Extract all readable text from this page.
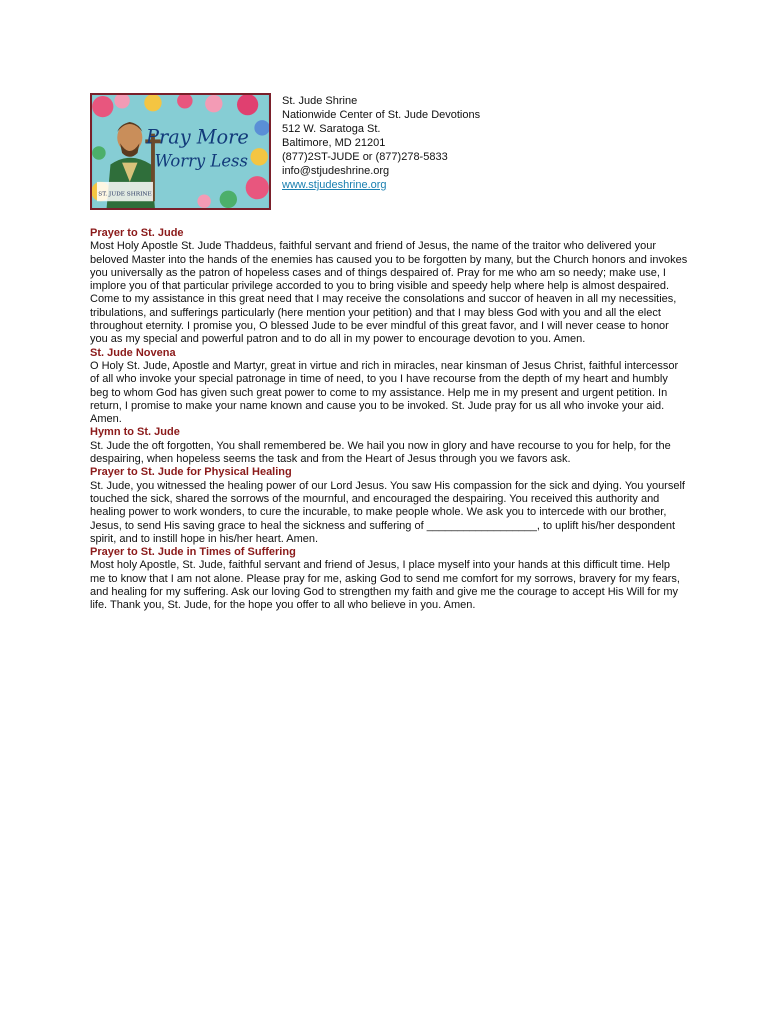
Pray More
Worry Less
ST. JUDE SHRINE
St. Jude Shrine
Nationwide Center of St. Jude Devotions
512 W. Saratoga St.
Baltimore, MD 21201
(877)2ST-JUDE or (877)278-5833
info@stjudeshrine.org
www.stjudeshrine.org
Prayer to St. Jude

Most Holy Apostle St. Jude Thaddeus, faithful servant and friend of Jesus, the name of the traitor who delivered your beloved Master into the hands of the enemies has caused you to be forgotten by many, but the Church honors and invokes you universally as the patron of hopeless cases and of things despaired of. Pray for me who am so needy; make use, I implore you of that particular privilege accorded to you to bring visible and speedy help where help is almost despaired. Come to my assistance in this great need that I may receive the consolations and succor of heaven in all my necessities, tribulations, and sufferings particularly (here mention your petition) and that I may bless God with you and all the elect throughout eternity. I promise you, O blessed Jude to be ever mindful of this great favor, and I will never cease to honor you as my special and powerful patron and to do all in my power to encourage devotion to you. Amen.

St. Jude Novena

O Holy St. Jude, Apostle and Martyr, great in virtue and rich in miracles, near kinsman of Jesus Christ, faithful intercessor of all who invoke your special patronage in time of need, to you I have recourse from the depth of my heart and humbly beg to whom God has given such great power to come to my assistance. Help me in my present and urgent petition. In return, I promise to make your name known and cause you to be invoked. St. Jude pray for us all who invoke your aid. Amen.

Hymn to St. Jude

St. Jude the oft forgotten, You shall remembered be. We hail you now in glory and have recourse to you for help, for the despairing, when hopeless seems the task and from the Heart of Jesus through you we favors ask.

Prayer to St. Jude for Physical Healing

St. Jude, you witnessed the healing power of our Lord Jesus. You saw His compassion for the sick and dying. You yourself touched the sick, shared the sorrows of the mournful, and encouraged the despairing. You received this authority and healing power to work wonders, to cure the incurable, to make people whole. We ask you to intercede with our brother, Jesus, to send His saving grace to heal the sickness and suffering of __________________, to uplift his/her despondent spirit, and to instill hope in his/her heart. Amen.

Prayer to St. Jude in Times of Suffering

Most holy Apostle, St. Jude, faithful servant and friend of Jesus, I place myself into your hands at this difficult time. Help me to know that I am not alone. Please pray for me, asking God to send me comfort for my sorrows, bravery for my fears, and healing for my suffering. Ask our loving God to strengthen my faith and give me the courage to accept His Will for my life. Thank you, St. Jude, for the hope you offer to all who believe in you. Amen.
